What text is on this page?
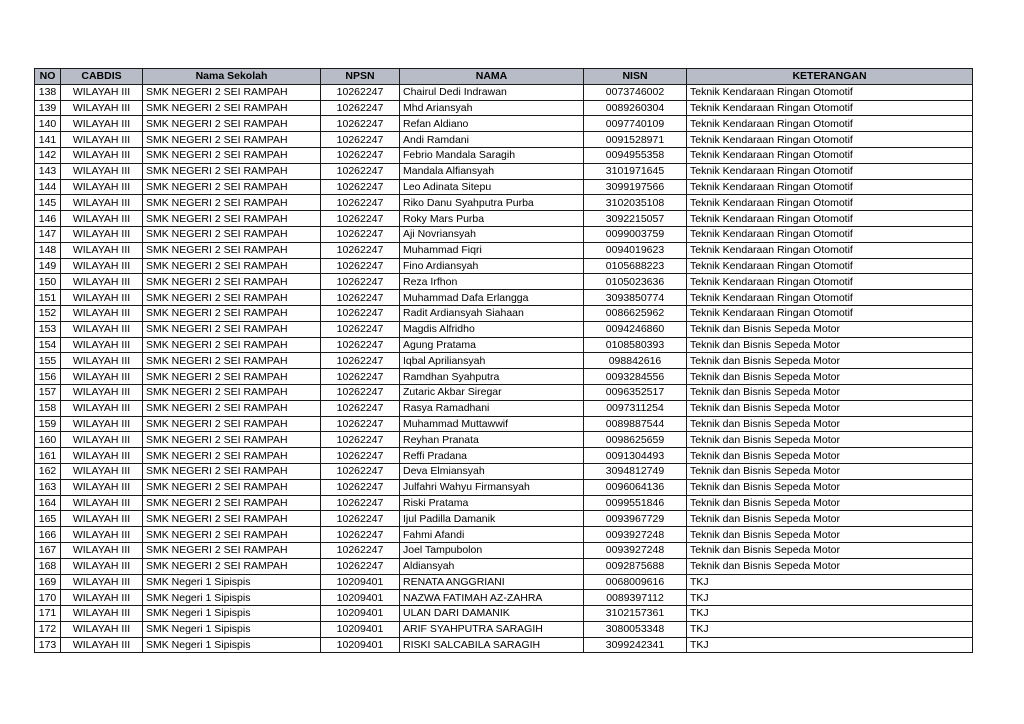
NO	CABDIS	Nama Sekolah	NPSN	NAMA	NISN	KETERANGAN
138	WILAYAH III	SMK NEGERI 2 SEI RAMPAH	10262247	Chairul Dedi Indrawan	0073746002	Teknik Kendaraan Ringan Otomotif
139	WILAYAH III	SMK NEGERI 2 SEI RAMPAH	10262247	Mhd Ariansyah	0089260304	Teknik Kendaraan Ringan Otomotif
140	WILAYAH III	SMK NEGERI 2 SEI RAMPAH	10262247	Refan Aldiano	0097740109	Teknik Kendaraan Ringan Otomotif
141	WILAYAH III	SMK NEGERI 2 SEI RAMPAH	10262247	Andi Ramdani	0091528971	Teknik Kendaraan Ringan Otomotif
142	WILAYAH III	SMK NEGERI 2 SEI RAMPAH	10262247	Febrio Mandala Saragih	0094955358	Teknik Kendaraan Ringan Otomotif
143	WILAYAH III	SMK NEGERI 2 SEI RAMPAH	10262247	Mandala Alfiansyah	3101971645	Teknik Kendaraan Ringan Otomotif
144	WILAYAH III	SMK NEGERI 2 SEI RAMPAH	10262247	Leo Adinata Sitepu	3099197566	Teknik Kendaraan Ringan Otomotif
145	WILAYAH III	SMK NEGERI 2 SEI RAMPAH	10262247	Riko Danu Syahputra Purba	3102035108	Teknik Kendaraan Ringan Otomotif
146	WILAYAH III	SMK NEGERI 2 SEI RAMPAH	10262247	Roky Mars Purba	3092215057	Teknik Kendaraan Ringan Otomotif
147	WILAYAH III	SMK NEGERI 2 SEI RAMPAH	10262247	Aji Novriansyah	0099003759	Teknik Kendaraan Ringan Otomotif
148	WILAYAH III	SMK NEGERI 2 SEI RAMPAH	10262247	Muhammad Fiqri	0094019623	Teknik Kendaraan Ringan Otomotif
149	WILAYAH III	SMK NEGERI 2 SEI RAMPAH	10262247	Fino Ardiansyah	0105688223	Teknik Kendaraan Ringan Otomotif
150	WILAYAH III	SMK NEGERI 2 SEI RAMPAH	10262247	Reza Irfhon	0105023636	Teknik Kendaraan Ringan Otomotif
151	WILAYAH III	SMK NEGERI 2 SEI RAMPAH	10262247	Muhammad Dafa Erlangga	3093850774	Teknik Kendaraan Ringan Otomotif
152	WILAYAH III	SMK NEGERI 2 SEI RAMPAH	10262247	Radit Ardiansyah Siahaan	0086625962	Teknik Kendaraan Ringan Otomotif
153	WILAYAH III	SMK NEGERI 2 SEI RAMPAH	10262247	Magdis Alfridho	0094246860	Teknik dan Bisnis Sepeda Motor
154	WILAYAH III	SMK NEGERI 2 SEI RAMPAH	10262247	Agung Pratama	0108580393	Teknik dan Bisnis Sepeda Motor
155	WILAYAH III	SMK NEGERI 2 SEI RAMPAH	10262247	Iqbal Apriliansyah	098842616	Teknik dan Bisnis Sepeda Motor
156	WILAYAH III	SMK NEGERI 2 SEI RAMPAH	10262247	Ramdhan Syahputra	0093284556	Teknik dan Bisnis Sepeda Motor
157	WILAYAH III	SMK NEGERI 2 SEI RAMPAH	10262247	Zutaric Akbar Siregar	0096352517	Teknik dan Bisnis Sepeda Motor
158	WILAYAH III	SMK NEGERI 2 SEI RAMPAH	10262247	Rasya Ramadhani	0097311254	Teknik dan Bisnis Sepeda Motor
159	WILAYAH III	SMK NEGERI 2 SEI RAMPAH	10262247	Muhammad Muttawwif	0089887544	Teknik dan Bisnis Sepeda Motor
160	WILAYAH III	SMK NEGERI 2 SEI RAMPAH	10262247	Reyhan Pranata	0098625659	Teknik dan Bisnis Sepeda Motor
161	WILAYAH III	SMK NEGERI 2 SEI RAMPAH	10262247	Reffi Pradana	0091304493	Teknik dan Bisnis Sepeda Motor
162	WILAYAH III	SMK NEGERI 2 SEI RAMPAH	10262247	Deva Elmiansyah	3094812749	Teknik dan Bisnis Sepeda Motor
163	WILAYAH III	SMK NEGERI 2 SEI RAMPAH	10262247	Julfahri Wahyu Firmansyah	0096064136	Teknik dan Bisnis Sepeda Motor
164	WILAYAH III	SMK NEGERI 2 SEI RAMPAH	10262247	Riski Pratama	0099551846	Teknik dan Bisnis Sepeda Motor
165	WILAYAH III	SMK NEGERI 2 SEI RAMPAH	10262247	Ijul Padilla Damanik	0093967729	Teknik dan Bisnis Sepeda Motor
166	WILAYAH III	SMK NEGERI 2 SEI RAMPAH	10262247	Fahmi Afandi	0093927248	Teknik dan Bisnis Sepeda Motor
167	WILAYAH III	SMK NEGERI 2 SEI RAMPAH	10262247	Joel Tampubolon	0093927248	Teknik dan Bisnis Sepeda Motor
168	WILAYAH III	SMK NEGERI 2 SEI RAMPAH	10262247	Aldiansyah	0092875688	Teknik dan Bisnis Sepeda Motor
169	WILAYAH III	SMK Negeri 1 Sipispis	10209401	RENATA ANGGRIANI	0068009616	TKJ
170	WILAYAH III	SMK Negeri 1 Sipispis	10209401	NAZWA FATIMAH AZ-ZAHRA	0089397112	TKJ
171	WILAYAH III	SMK Negeri 1 Sipispis	10209401	ULAN DARI DAMANIK	3102157361	TKJ
172	WILAYAH III	SMK Negeri 1 Sipispis	10209401	ARIF SYAHPUTRA SARAGIH	3080053348	TKJ
173	WILAYAH III	SMK Negeri 1 Sipispis	10209401	RISKI SALCABILA SARAGIH	3099242341	TKJ
